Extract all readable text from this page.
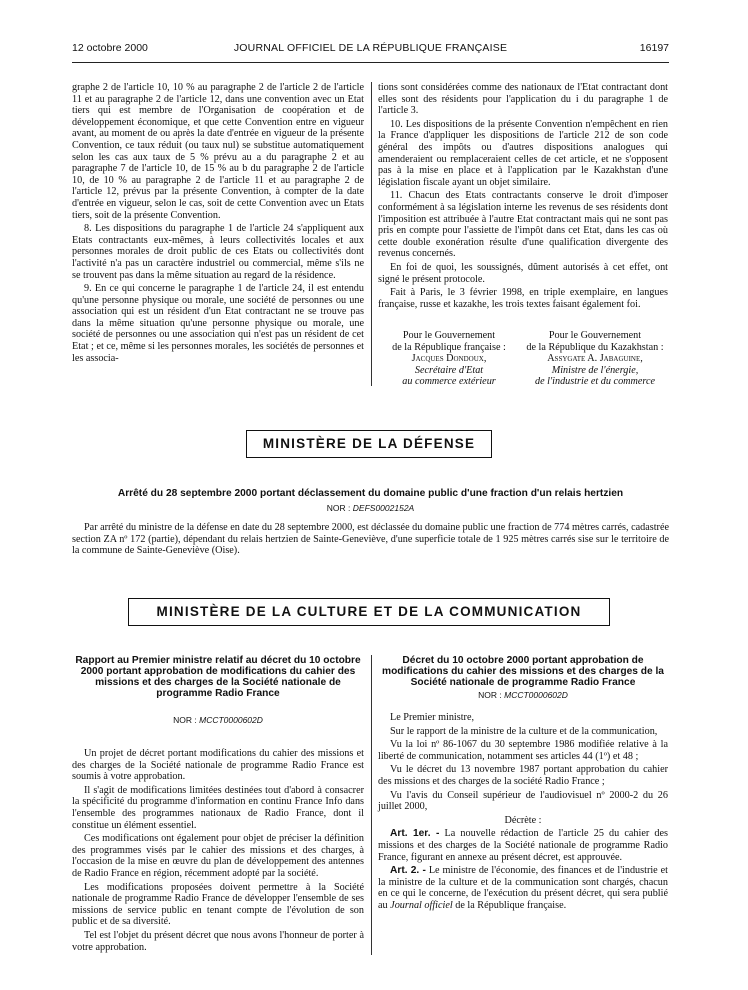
12 octobre 2000	JOURNAL OFFICIEL DE LA RÉPUBLIQUE FRANÇAISE	16197

graphe 2 de l'article 10, 10 % au paragraphe 2 de l'article 2 de l'article 11 et au paragraphe 2 de l'article 12, dans une convention avec un Etat tiers qui est membre de l'Organisation de coopération et de développement économique, et que cette Convention entre en vigueur avant, au moment de ou après la date d'entrée en vigueur de la présente Convention, ce taux réduit (ou taux nul) se substitue automatiquement selon les cas aux taux de 5 % prévu au a du paragraphe 2 et au paragraphe 7 de l'article 10, de 15 % au b du paragraphe 2 de l'article 10, de 10 % au paragraphe 2 de l'article 11 et au paragraphe 2 de l'article 12, prévus par la présente Convention, à compter de la date d'entrée en vigueur, selon le cas, soit de cette Convention avec un Etats tiers, soit de la présente Convention.

8. Les dispositions du paragraphe 1 de l'article 24 s'appliquent aux Etats contractants eux-mêmes, à leurs collectivités locales et aux personnes morales de droit public de ces Etats ou collectivités dont l'activité n'a pas un caractère industriel ou commercial, même s'ils ne se trouvent pas dans la même situation au regard de la résidence.

9. En ce qui concerne le paragraphe 1 de l'article 24, il est entendu qu'une personne physique ou morale, une société de personnes ou une association qui est un résident d'un Etat contractant ne se trouve pas dans la même situation qu'une personne physique ou morale, une société de personnes ou une association qui n'est pas un résident de cet Etat ; et ce, même si les personnes morales, les sociétés de personnes et les associa-

tions sont considérées comme des nationaux de l'Etat contractant dont elles sont des résidents pour l'application du i du paragraphe 1 de l'article 3.

10. Les dispositions de la présente Convention n'empêchent en rien la France d'appliquer les dispositions de l'article 212 de son code général des impôts ou d'autres dispositions analogues qui amenderaient ou remplaceraient celles de cet article, et ne s'opposent pas à la mise en place et à l'application par le Kazakhstan d'une législation fiscale ayant un objet similaire.

11. Chacun des Etats contractants conserve le droit d'imposer conformément à sa législation interne les revenus de ses résidents dont l'imposition est attribuée à l'autre Etat contractant mais qui ne sont pas pris en compte pour l'assiette de l'impôt dans cet Etat, dans les cas où cette double exonération résulte d'une qualification divergente des revenus concernés.

En foi de quoi, les soussignés, dûment autorisés à cet effet, ont signé le présent protocole.

Fait à Paris, le 3 février 1998, en triple exemplaire, en langues française, russe et kazakhe, les trois textes faisant également foi.

Pour le Gouvernement
de la République française :
Jacques Dondoux,
Secrétaire d'Etat
au commerce extérieur
Pour le Gouvernement
de la République du Kazakhstan :
Assygate A. Jabaguine,
Ministre de l'énergie,
de l'industrie et du commerce
MINISTÈRE DE LA DÉFENSE
Arrêté du 28 septembre 2000 portant déclassement du domaine public d'une fraction d'un relais hertzien
NOR : DEFS0002152A

Par arrêté du ministre de la défense en date du 28 septembre 2000, est déclassée du domaine public une fraction de 774 mètres carrés, cadastrée section ZA nº 172 (partie), dépendant du relais hertzien de Sainte-Geneviève, d'une superficie totale de 1 925 mètres carrés sise sur le territoire de la commune de Sainte-Geneviève (Oise).

MINISTÈRE DE LA CULTURE ET DE LA COMMUNICATION
Rapport au Premier ministre relatif au décret du 10 octobre 2000 portant approbation de modifications du cahier des missions et des charges de la Société nationale de programme Radio France
NOR : MCCT0000602D

Un projet de décret portant modifications du cahier des missions et des charges de la Société nationale de programme Radio France est soumis à votre approbation.

Il s'agit de modifications limitées destinées tout d'abord à consacrer la spécificité du programme d'information en continu France Info dans l'ensemble des programmes nationaux de Radio France, dont il constitue un élément essentiel.

Ces modifications ont également pour objet de préciser la définition des programmes visés par le cahier des missions et des charges, à l'occasion de la mise en œuvre du plan de développement des antennes de Radio France en région, récemment adopté par la société.

Les modifications proposées doivent permettre à la Société nationale de programme Radio France de développer l'ensemble de ses missions de service public en tenant compte de l'évolution de son public et de sa diversité.

Tel est l'objet du présent décret que nous avons l'honneur de porter à votre approbation.

Décret du 10 octobre 2000 portant approbation de modifications du cahier des missions et des charges de la Société nationale de programme Radio France
NOR : MCCT0000602D

Le Premier ministre,

Sur le rapport de la ministre de la culture et de la communication,

Vu la loi nº 86-1067 du 30 septembre 1986 modifiée relative à la liberté de communication, notamment ses articles 44 (1º) et 48 ;

Vu le décret du 13 novembre 1987 portant approbation du cahier des missions et des charges de la société Radio France ;

Vu l'avis du Conseil supérieur de l'audiovisuel nº 2000-2 du 26 juillet 2000,

Décrète :

Art. 1er. - La nouvelle rédaction de l'article 25 du cahier des missions et des charges de la Société nationale de programme Radio France, figurant en annexe au présent décret, est approuvée.

Art. 2. - Le ministre de l'économie, des finances et de l'industrie et la ministre de la culture et de la communication sont chargés, chacun en ce qui le concerne, de l'exécution du présent décret, qui sera publié au Journal officiel de la République française.
